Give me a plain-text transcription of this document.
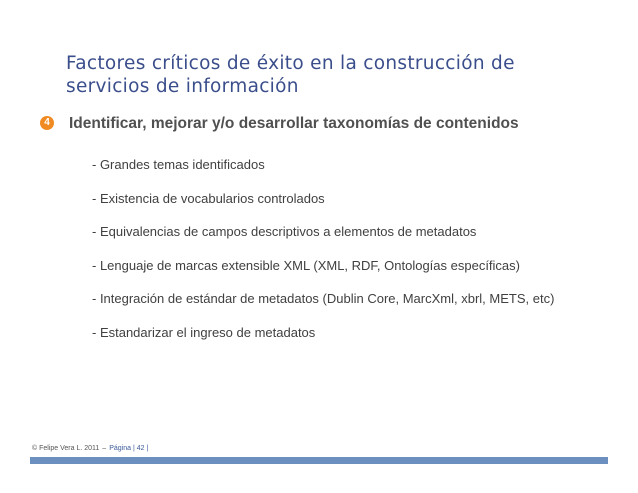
Factores críticos de éxito en la construcción de
servicios de información
4 Identificar, mejorar y/o desarrollar taxonomías de contenidos
- Grandes temas identificados
- Existencia de vocabularios controlados
- Equivalencias de campos descriptivos a elementos de metadatos
- Lenguaje de marcas extensible XML (XML, RDF, Ontologías específicas)
- Integración de estándar de metadatos (Dublin Core, MarcXml, xbrl, METS, etc)
- Estandarizar el ingreso de metadatos
© Felipe Vera L. 2011 – Página | 42 |
